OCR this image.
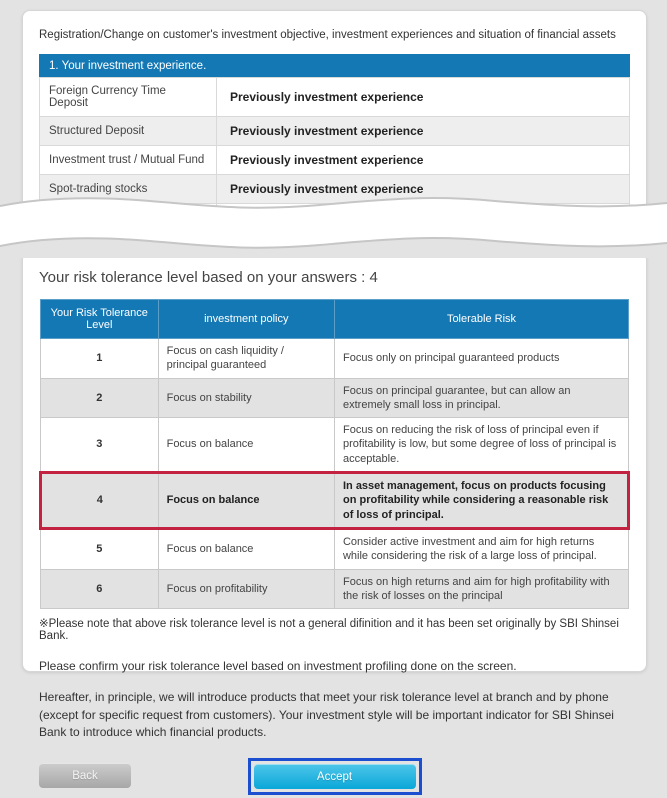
Registration/Change on customer's investment objective, investment experiences and situation of financial assets
1. Your investment experience.
Foreign Currency Time Deposit	Previously investment experience
Structured Deposit	Previously investment experience
Investment trust / Mutual Fund	Previously investment experience
Spot-trading stocks	Previously investment experience

Your risk tolerance level based on your answers : 4
Your Risk Tolerance Level	investment policy	Tolerable Risk
1	Focus on cash liquidity / principal guaranteed	Focus only on principal guaranteed products
2	Focus on stability	Focus on principal guarantee, but can allow an extremely small loss in principal.
3	Focus on balance	Focus on reducing the risk of loss of principal even if profitability is low, but some degree of loss of principal is acceptable.
4	Focus on balance	In asset management, focus on products focusing on profitability while considering a reasonable risk of loss of principal.
5	Focus on balance	Consider active investment and aim for high returns while considering the risk of a large loss of principal.
6	Focus on profitability	Focus on high returns and aim for high profitability with the risk of losses on the principal
※Please note that above risk tolerance level is not a general difinition and it has been set originally by SBI Shinsei Bank.
Please confirm your risk tolerance level based on investment profiling done on the screen.
Hereafter, in principle, we will introduce products that meet your risk tolerance level at branch and by phone (except for specific request from customers). Your investment style will be important indicator for SBI Shinsei Bank to introduce which financial products.
Back	Accept
